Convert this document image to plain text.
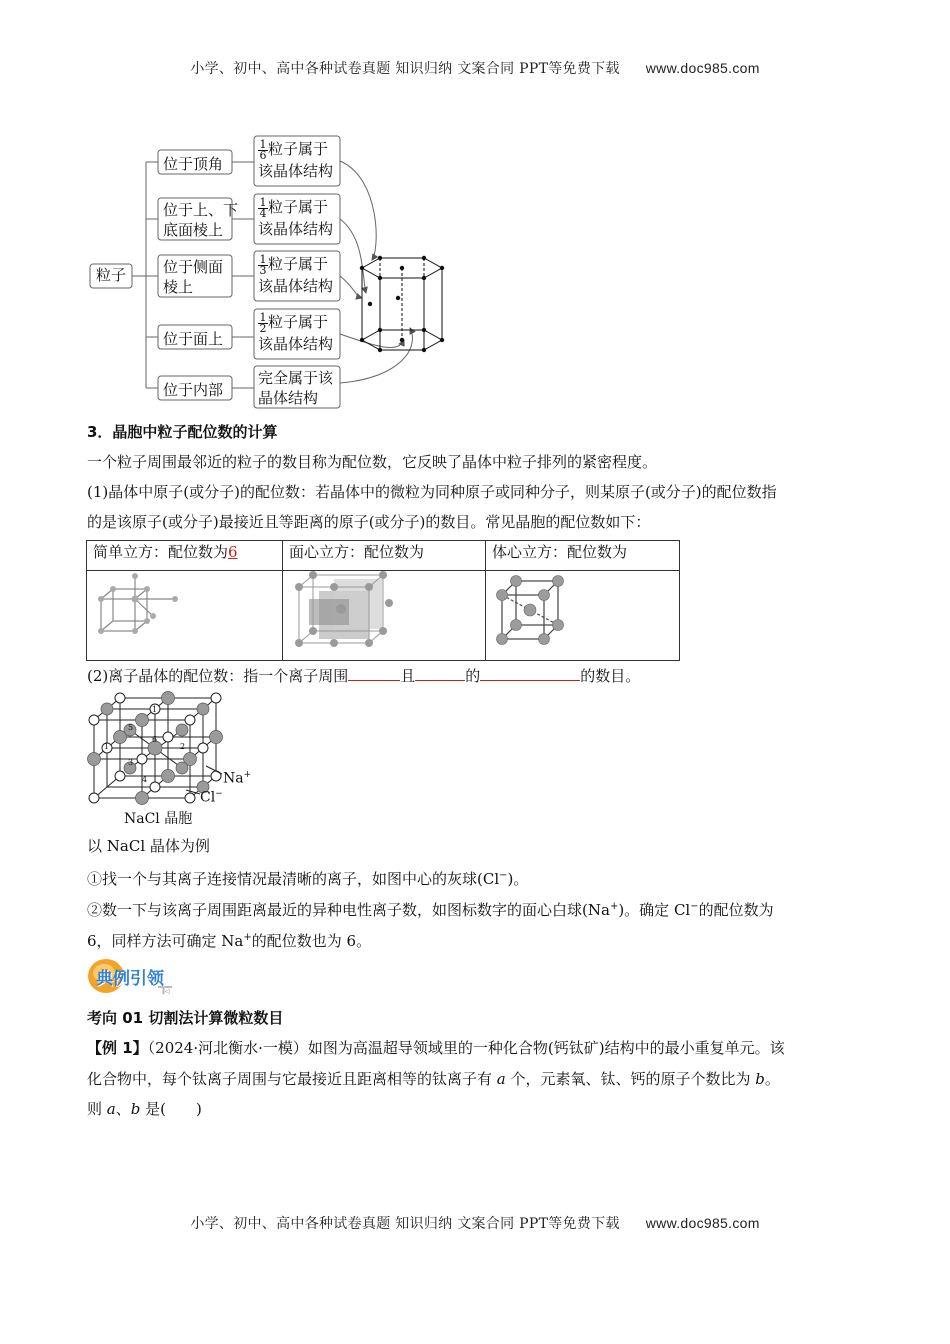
小学、初中、高中各种试卷真题 知识归纳 文案合同 PPT等免费下载 www.doc985.com
粒子
位于顶角
位于上、下
底面棱上
位于侧面
棱上
位于面上
位于内部
$\frac{1}{6}$ 粒子属于
该晶体结构
$\frac{1}{4}$ 粒子属于
该晶体结构
$\frac{1}{3}$ 粒子属于
该晶体结构
$\frac{1}{2}$ 粒子属于
该晶体结构
完全属于该
晶体结构
3．晶胞中粒子配位数的计算
一个粒子周围最邻近的粒子的数目称为配位数，它反映了晶体中粒子排列的紧密程度。
(1)晶体中原子(或分子)的配位数：若晶体中的微粒为同种原子或同种分子，则某原子(或分子)的配位数指
的是该原子(或分子)最接近且等距离的原子(或分子)的数目。常见晶胞的配位数如下：
简单立方：配位数为6	面心立方：配位数为	体心立方：配位数为

(2)离子晶体的配位数：指一个离子周围	且	的	的数目。
1
1	2
3
4
5
6
Na+
Cl−
NaCl 晶胞
以 NaCl 晶体为例
①找一个与其离子连接情况最清晰的离子，如图中心的灰球(Cl−)。
②数一下与该离子周围距离最近的异种电性离子数，如图标数字的面心白球(Na+)。确定 Cl−的配位数为
6，同样方法可确定 Na+的配位数也为 6。
‖◁
典例引领
考向 01 切割法计算微粒数目
【例 1】（2024·河北衡水·一模）如图为高温超导领域里的一种化合物(钙钛矿)结构中的最小重复单元。该
化合物中，每个钛离子周围与它最接近且距离相等的钛离子有 a 个，元素氧、钛、钙的原子个数比为 b。
则 a、b 是(　　)
小学、初中、高中各种试卷真题 知识归纳 文案合同 PPT等免费下载 www.doc985.com
